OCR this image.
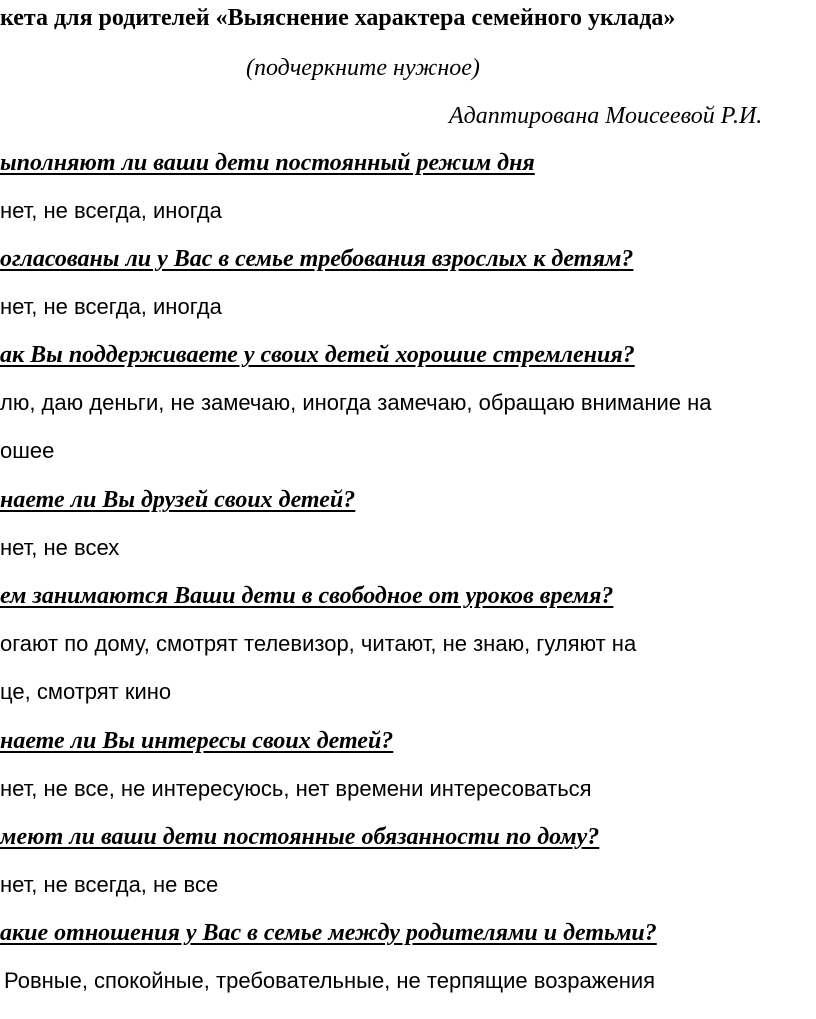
кета для родителей «Выяснение характера семейного уклада»
(подчеркните нужное)
Адаптирована Моисеевой Р.И.
ыполняют ли ваши дети постоянный режим дня
нет, не всегда, иногда
огласованы ли у Вас в семье требования взрослых к детям?
нет, не всегда, иногда
ак Вы поддерживаете у своих детей хорошие стремления?
лю, даю деньги, не замечаю, иногда замечаю, обращаю внимание на
ошее
наете ли Вы друзей своих детей?
нет, не всех
ем занимаются Ваши дети в свободное от уроков время?
огают по дому, смотрят телевизор, читают, не знаю, гуляют на
це, смотрят кино
наете ли Вы интересы своих детей?
нет, не все, не интересуюсь, нет времени интересоваться
меют ли ваши дети постоянные обязанности по дому?
нет, не всегда, не все
акие отношения у Вас в семье между родителями и детьми?
Ровные, спокойные, требовательные, не терпящие возражения
